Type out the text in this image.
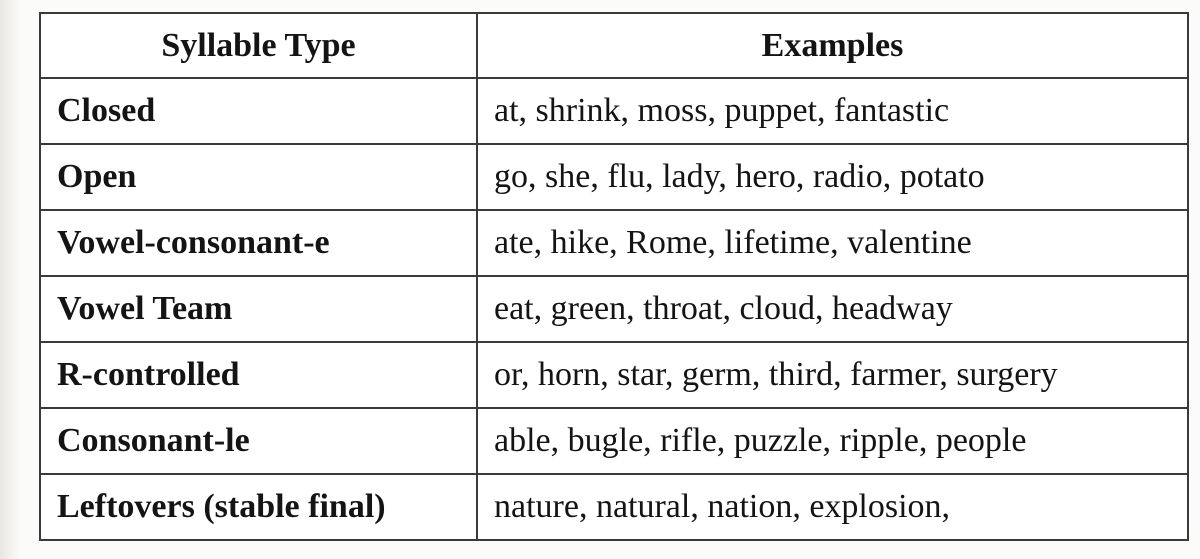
Syllable Type	Examples
Closed	at, shrink, moss, puppet, fantastic
Open	go, she, flu, lady, hero, radio, potato
Vowel-consonant-e	ate, hike, Rome, lifetime, valentine
Vowel Team	eat, green, throat, cloud, headway
R-controlled	or, horn, star, germ, third, farmer, surgery
Consonant-le	able, bugle, rifle, puzzle, ripple, people
Leftovers (stable final)	nature, natural, nation, explosion,
